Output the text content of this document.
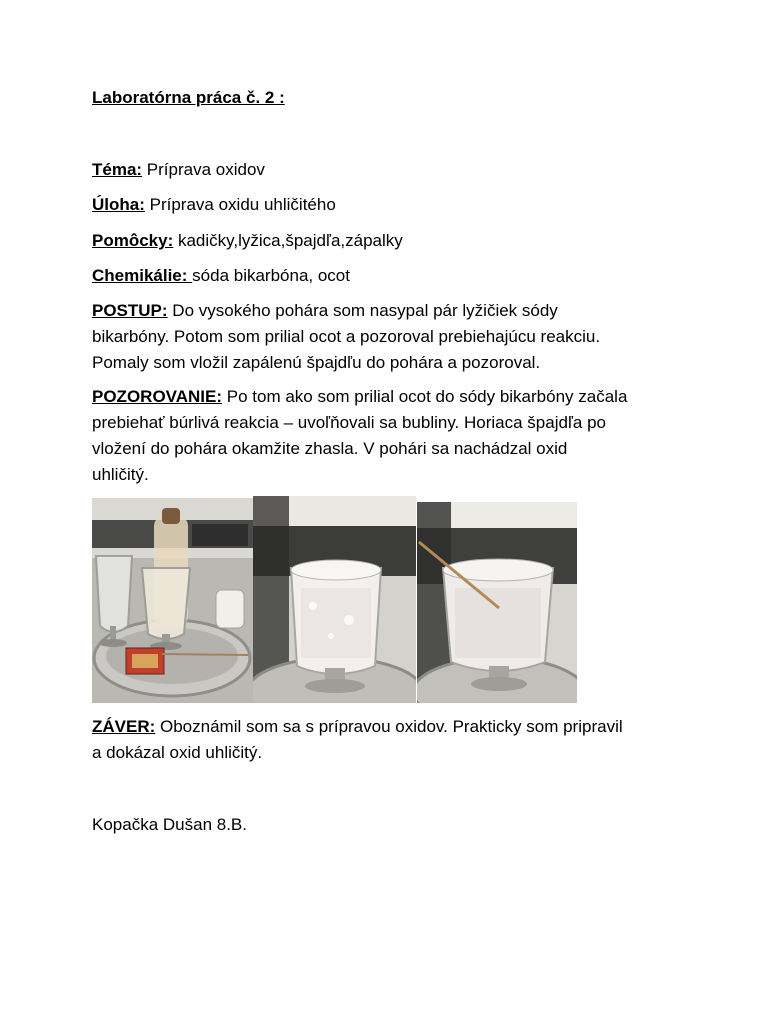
Laboratórna práca č. 2 :
Téma: Príprava oxidov
Úloha: Príprava oxidu uhličitého
Pomôcky: kadičky,lyžica,špajdľa,zápalky
Chemikálie: sóda bikarbóna, ocot
POSTUP: Do vysokého pohára som nasypal pár lyžičiek sódy
bikarbóny. Potom som prilial ocot a pozoroval prebiehajúcu reakciu.
Pomaly som vložil zapálenú špajdľu do pohára a pozoroval.
POZOROVANIE: Po tom ako som prilial ocot do sódy bikarbóny začala
prebiehať búrlivá reakcia – uvoľňovali sa bubliny. Horiaca špajdľa po
vložení do pohára okamžite zhasla. V pohári sa nachádzal oxid
uhličitý.
ZÁVER: Oboznámil som sa s prípravou oxidov. Prakticky som pripravil
a dokázal oxid uhličitý.
Kopačka Dušan 8.B.
